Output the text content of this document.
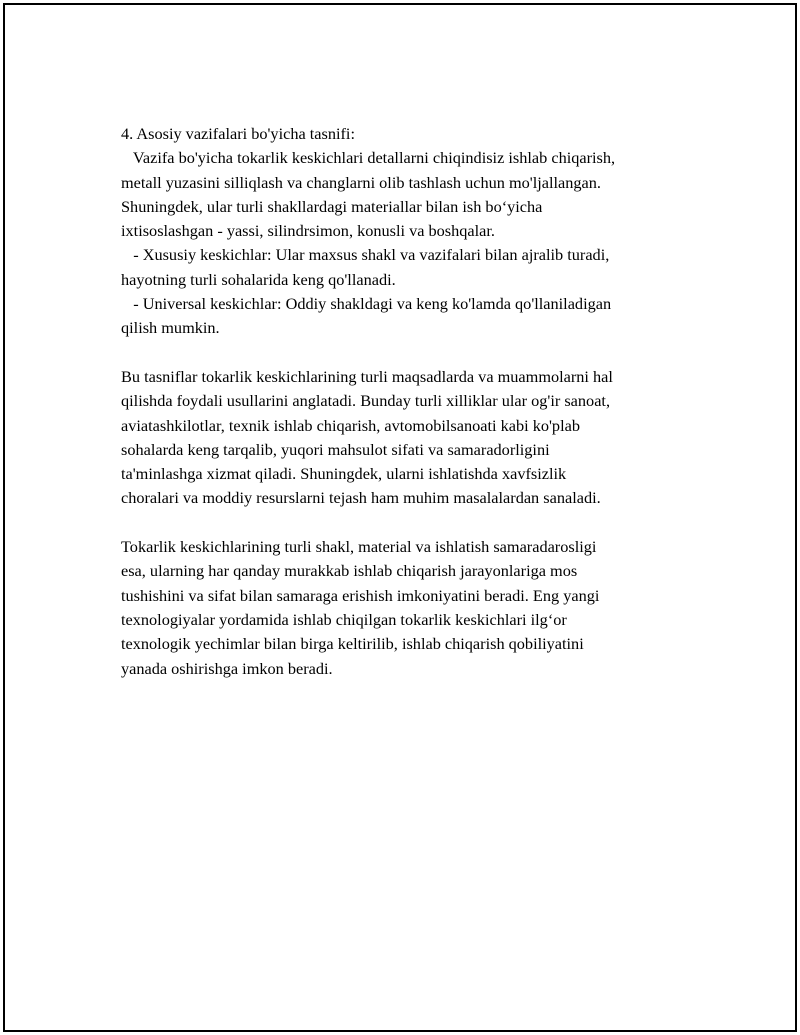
4. Asosiy vazifalari bo'yicha tasnifi:
Vazifa bo'yicha tokarlik keskichlari detallarni chiqindisiz ishlab chiqarish,
metall yuzasini silliqlash va changlarni olib tashlash uchun mo'ljallangan.
Shuningdek, ular turli shakllardagi materiallar bilan ish bo‘yicha
ixtisoslashgan - yassi, silindrsimon, konusli va boshqalar.
- Xususiy keskichlar: Ular maxsus shakl va vazifalari bilan ajralib turadi,
hayotning turli sohalarida keng qo'llanadi.
- Universal keskichlar: Oddiy shakldagi va keng ko'lamda qo'llaniladigan
qilish mumkin.
Bu tasniflar tokarlik keskichlarining turli maqsadlarda va muammolarni hal
qilishda foydali usullarini anglatadi. Bunday turli xilliklar ular og'ir sanoat,
aviatashkilotlar, texnik ishlab chiqarish, avtomobilsanoati kabi ko'plab
sohalarda keng tarqalib, yuqori mahsulot sifati va samaradorligini
ta'minlashga xizmat qiladi. Shuningdek, ularni ishlatishda xavfsizlik
choralari va moddiy resurslarni tejash ham muhim masalalardan sanaladi.
Tokarlik keskichlarining turli shakl, material va ishlatish samaradarosligi
esa, ularning har qanday murakkab ishlab chiqarish jarayonlariga mos
tushishini va sifat bilan samaraga erishish imkoniyatini beradi. Eng yangi
texnologiyalar yordamida ishlab chiqilgan tokarlik keskichlari ilg‘or
texnologik yechimlar bilan birga keltirilib, ishlab chiqarish qobiliyatini
yanada oshirishga imkon beradi.
